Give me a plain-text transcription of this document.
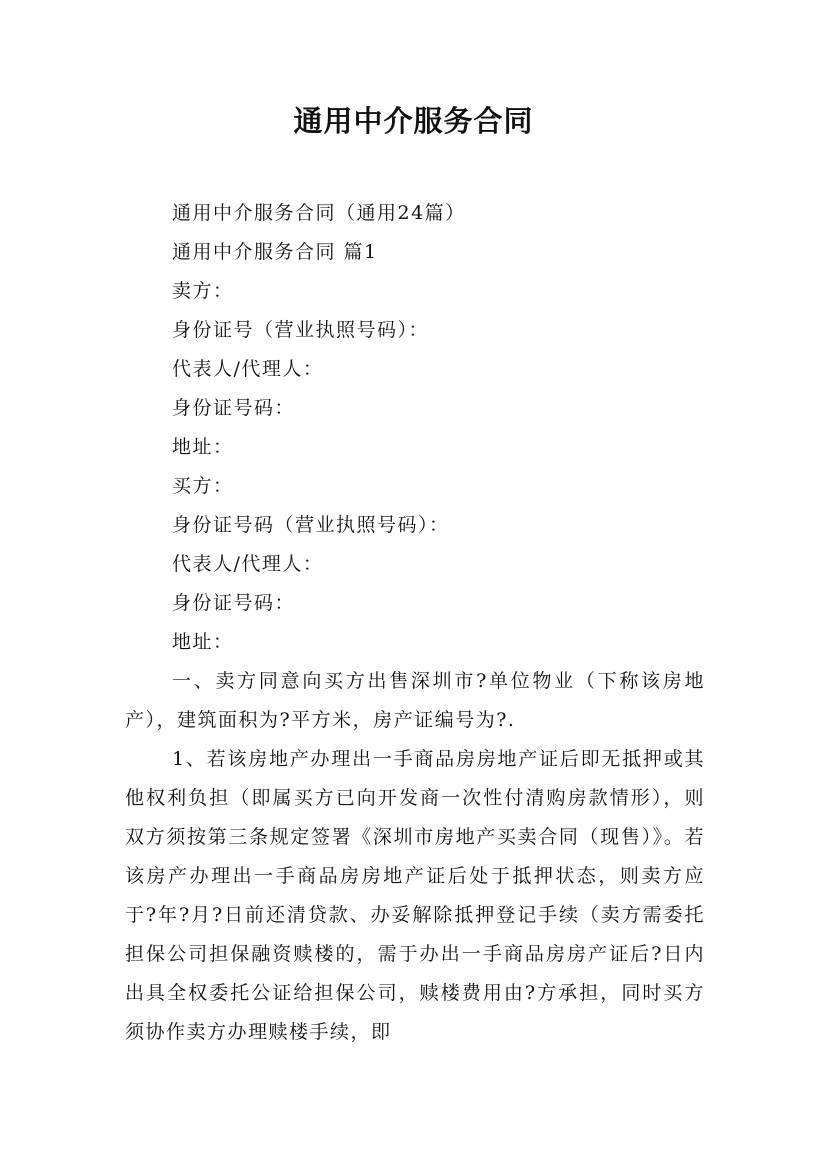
通用中介服务合同

通用中介服务合同（通用24篇）

通用中介服务合同 篇1

卖方：

身份证号（营业执照号码）：

代表人/代理人：

身份证号码：

地址：

买方：

身份证号码（营业执照号码）：

代表人/代理人：

身份证号码：

地址：

一、卖方同意向买方出售深圳市?单位物业（下称该房地产），建筑面积为?平方米，房产证编号为?.

1、若该房地产办理出一手商品房房地产证后即无抵押或其他权利负担（即属买方已向开发商一次性付清购房款情形），则双方须按第三条规定签署《深圳市房地产买卖合同（现售）》。若该房产办理出一手商品房房地产证后处于抵押状态，则卖方应于?年?月?日前还清贷款、办妥解除抵押登记手续（卖方需委托担保公司担保融资赎楼的，需于办出一手商品房房产证后?日内出具全权委托公证给担保公司，赎楼费用由?方承担，同时买方须协作卖方办理赎楼手续，即
